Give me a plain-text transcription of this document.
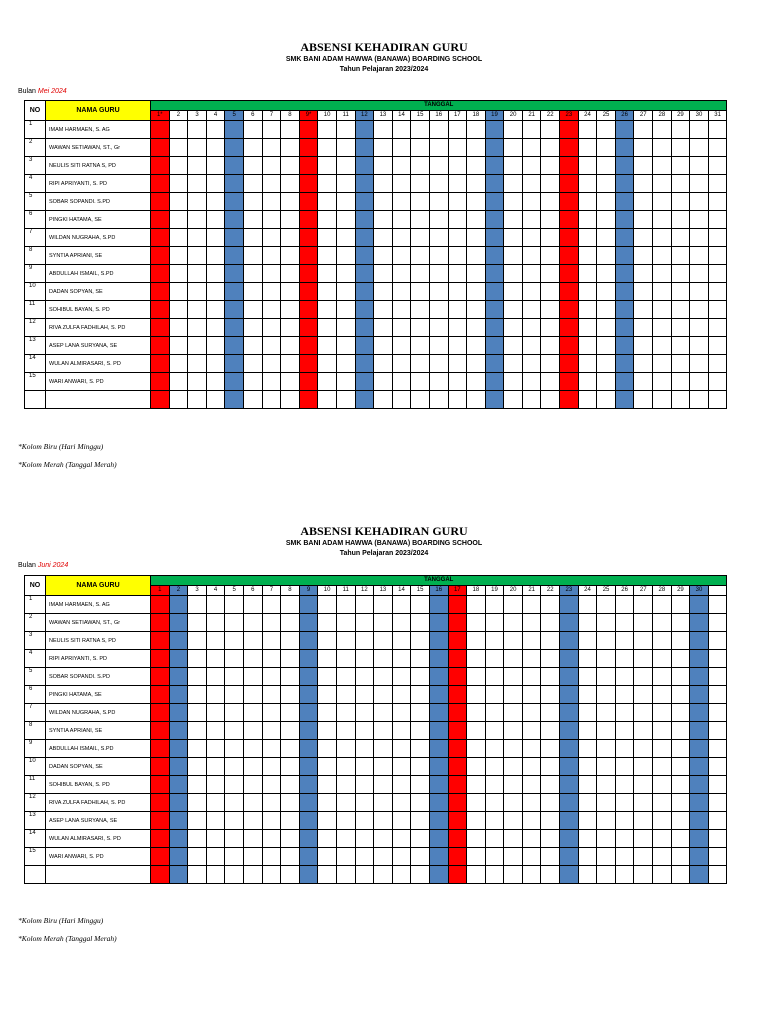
ABSENSI KEHADIRAN GURU
SMK BANI ADAM HAWWA (BANAWA) BOARDING SCHOOL
Tahun Pelajaran 2023/2024
Bulan Mei 2024
NO	NAMA GURU	TANGGAL																														
		1*	2	3	4	5	6	7	8	9*	10	11	12	13	14	15	16	17	18	19	20	21	22	23	24	25	26	27	28	29	30	31
1	IMAM HARMAEN, S. AG																															
2	WAWAN SETIAWAN, ST., Gr																															
3	NEULIS SITI RATNA S, PD																															
4	RIPI APRIYANTI, S. PD																															
5	SOBAR SOPANDI. S.PD																															
6	PINGKI HATAMA, SE																															
7	WILDAN NUGRAHA, S.PD																															
8	SYNTIA APRIANI, SE																															
9	ABDULLAH ISMAIL, S.PD																															
10	DADAN SOPYAN, SE																															
11	SOHIBUL BAYAN, S. PD																															
12	RIVA ZULFA FADHILAH, S. PD																															
13	ASEP LANA SURYANA, SE																															
14	WULAN ALMIRASARI, S. PD																															
15	WARI ANWARI, S. PD																															

*Kolom Biru (Hari Minggu)
*Kolom Merah (Tanggal Merah)
ABSENSI KEHADIRAN GURU
SMK BANI ADAM HAWWA (BANAWA) BOARDING SCHOOL
Tahun Pelajaran 2023/2024
Bulan Juni 2024
NO	NAMA GURU	TANGGAL																														
		1	2	3	4	5	6	7	8	9	10	11	12	13	14	15	16	17	18	19	20	21	22	23	24	25	26	27	28	29	30	
1	IMAM HARMAEN, S. AG																															
2	WAWAN SETIAWAN, ST., Gr																															
3	NEULIS SITI RATNA S, PD																															
4	RIPI APRIYANTI, S. PD																															
5	SOBAR SOPANDI. S.PD																															
6	PINGKI HATAMA, SE																															
7	WILDAN NUGRAHA, S.PD																															
8	SYNTIA APRIANI, SE																															
9	ABDULLAH ISMAIL, S.PD																															
10	DADAN SOPYAN, SE																															
11	SOHIBUL BAYAN, S. PD																															
12	RIVA ZULFA FADHILAH, S. PD																															
13	ASEP LANA SURYANA, SE																															
14	WULAN ALMIRASARI, S. PD																															
15	WARI ANWARI, S. PD																															

*Kolom Biru (Hari Minggu)
*Kolom Merah (Tanggal Merah)
